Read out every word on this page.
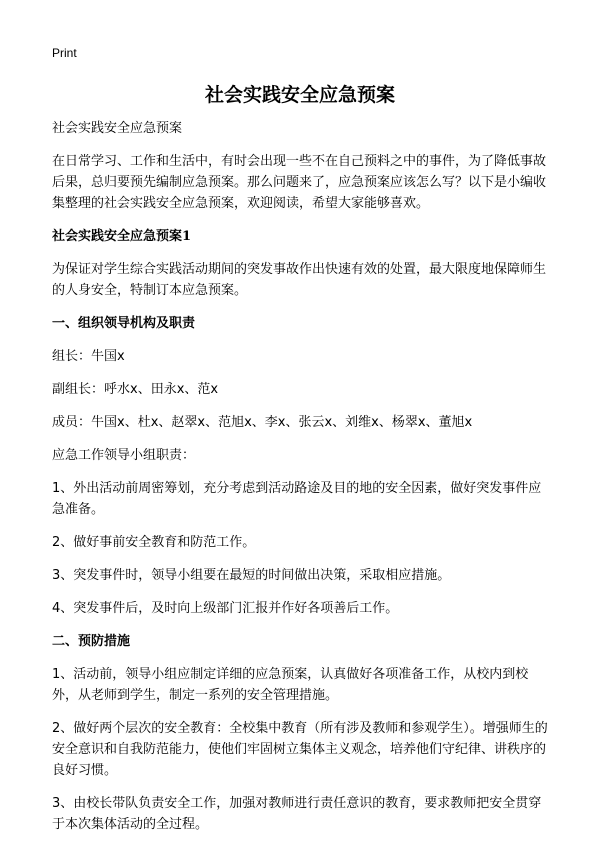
Print
社会实践安全应急预案

社会实践安全应急预案

在日常学习、工作和生活中，有时会出现一些不在自己预料之中的事件，为了降低事故后果，总归要预先编制应急预案。那么问题来了，应急预案应该怎么写？以下是小编收集整理的社会实践安全应急预案，欢迎阅读，希望大家能够喜欢。

社会实践安全应急预案1

为保证对学生综合实践活动期间的突发事故作出快速有效的处置，最大限度地保障师生的人身安全，特制订本应急预案。

一、组织领导机构及职责

组长：牛国x

副组长：呼水x、田永x、范x

成员：牛国x、杜x、赵翠x、范旭x、李x、张云x、刘维x、杨翠x、董旭x

应急工作领导小组职责：

1、外出活动前周密筹划，充分考虑到活动路途及目的地的安全因素，做好突发事件应急准备。

2、做好事前安全教育和防范工作。

3、突发事件时，领导小组要在最短的时间做出决策，采取相应措施。

4、突发事件后，及时向上级部门汇报并作好各项善后工作。

二、预防措施

1、活动前，领导小组应制定详细的应急预案，认真做好各项准备工作，从校内到校外，从老师到学生，制定一系列的安全管理措施。

2、做好两个层次的安全教育：全校集中教育（所有涉及教师和参观学生）。增强师生的安全意识和自我防范能力，使他们牢固树立集体主义观念，培养他们守纪律、讲秩序的良好习惯。

3、由校长带队负责安全工作，加强对教师进行责任意识的教育，要求教师把安全贯穿于本次集体活动的全过程。
